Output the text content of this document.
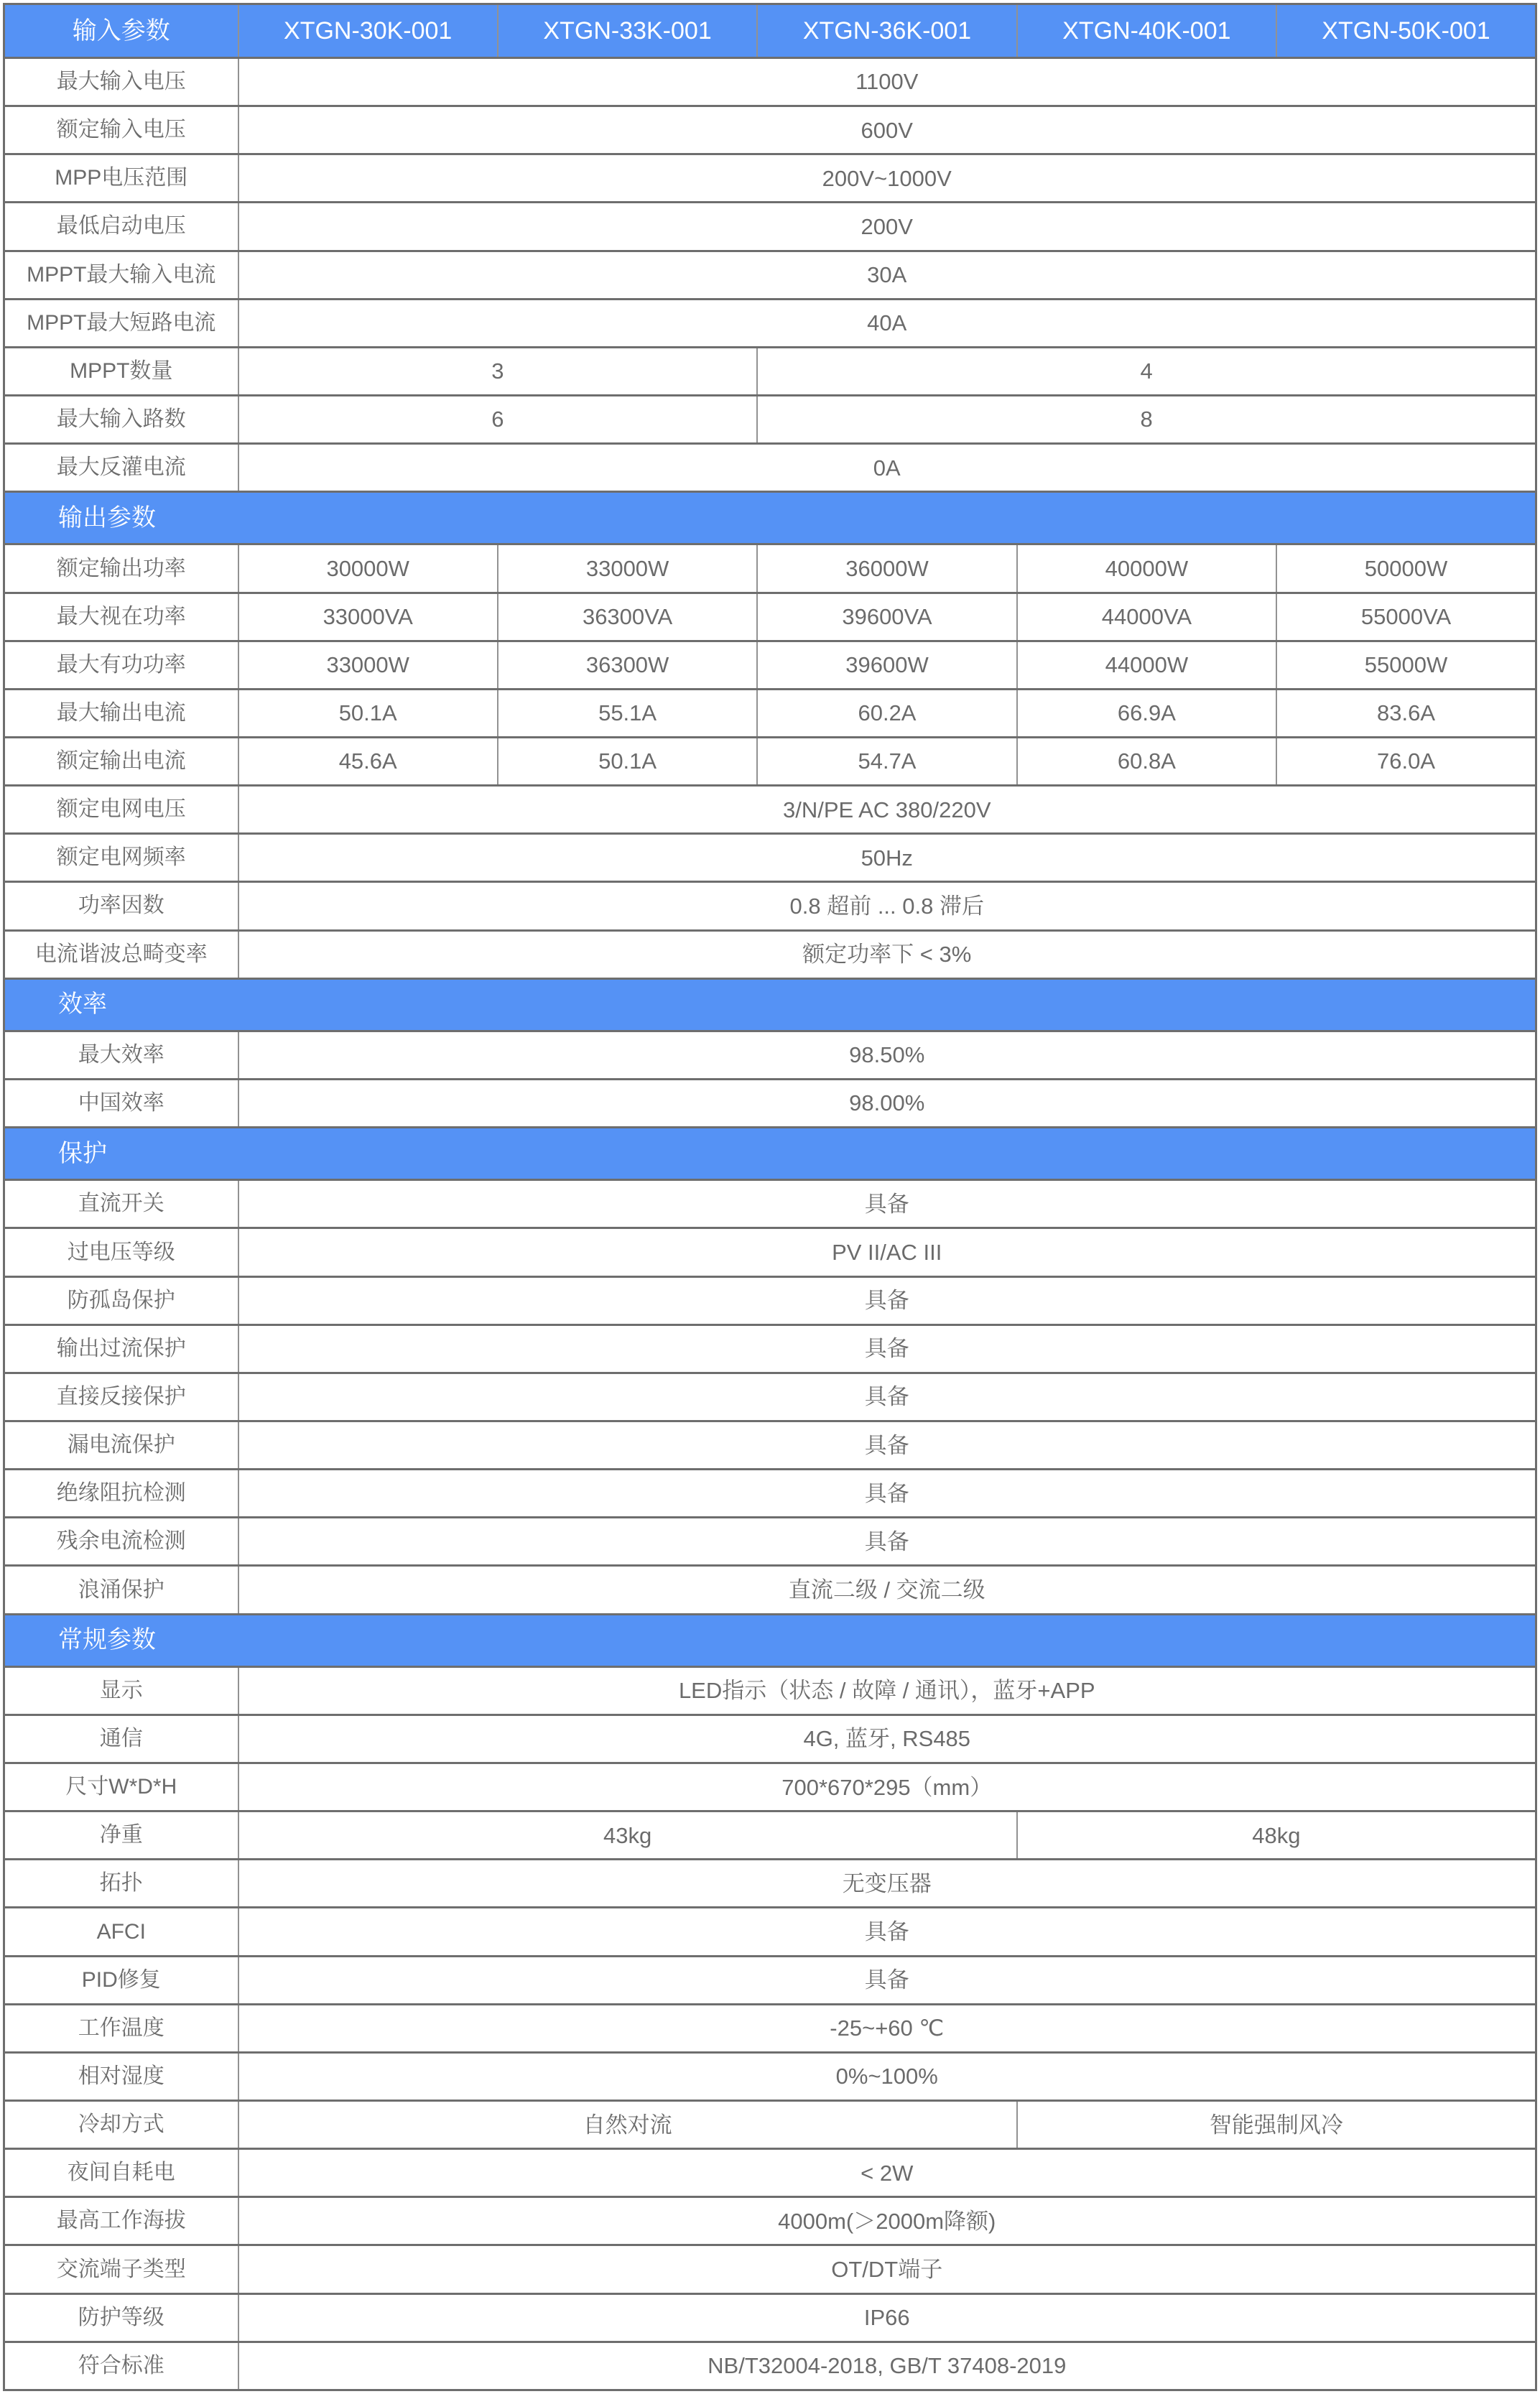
输入参数	XTGN-30K-001	XTGN-33K-001	XTGN-36K-001	XTGN-40K-001	XTGN-50K-001
最大输入电压	1100V				
额定输入电压	600V				
MPP电压范围	200V~1000V				
最低启动电压	200V				
MPPT最大输入电流	30A				
MPPT最大短路电流	40A				
MPPT数量	3		4		
最大输入路数	6		8		
最大反灌电流	0A				
输出参数					
额定输出功率	30000W	33000W	36000W	40000W	50000W
最大视在功率	33000VA	36300VA	39600VA	44000VA	55000VA
最大有功功率	33000W	36300W	39600W	44000W	55000W
最大输出电流	50.1A	55.1A	60.2A	66.9A	83.6A
额定输出电流	45.6A	50.1A	54.7A	60.8A	76.0A
额定电网电压	3/N/PE AC 380/220V				
额定电网频率	50Hz				
功率因数	0.8 超前 ... 0.8 滞后				
电流谐波总畸变率	额定功率下 < 3%				
效率					
最大效率	98.50%				
中国效率	98.00%				
保护					
直流开关	具备				
过电压等级	PV II/AC III				
防孤岛保护	具备				
输出过流保护	具备				
直接反接保护	具备				
漏电流保护	具备				
绝缘阻抗检测	具备				
残余电流检测	具备				
浪涌保护	直流二级 / 交流二级				
常规参数					
显示	LED指示（状态 / 故障 / 通讯），蓝牙+APP				
通信	4G, 蓝牙, RS485				
尺寸W*D*H	700*670*295（mm）				
净重	43kg			48kg	
拓扑	无变压器				
AFCI	具备				
PID修复	具备				
工作温度	-25~+60 ℃				
相对湿度	0%~100%				
冷却方式	自然对流			智能强制风冷	
夜间自耗电	< 2W				
最高工作海拔	4000m(＞2000m降额)				
交流端子类型	OT/DT端子				
防护等级	IP66				
符合标准	NB/T32004-2018, GB/T 37408-2019				
